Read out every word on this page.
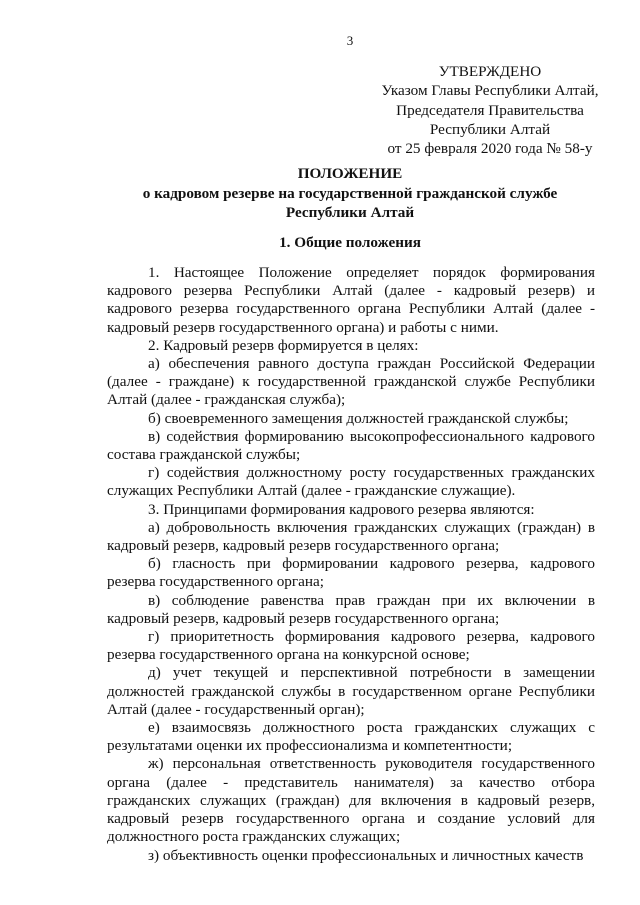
3
УТВЕРЖДЕНО
Указом Главы Республики Алтай,
Председателя Правительства
Республики Алтай
от 25 февраля 2020 года № 58-у
ПОЛОЖЕНИЕ
о кадровом резерве на государственной гражданской службе
Республики Алтай
1. Общие положения

1. Настоящее Положение определяет порядок формирования кадрового резерва Республики Алтай (далее - кадровый резерв) и кадрового резерва государственного органа Республики Алтай (далее - кадровый резерв государственного органа) и работы с ними.

2. Кадровый резерв формируется в целях:

а) обеспечения равного доступа граждан Российской Федерации (далее - граждане) к государственной гражданской службе Республики Алтай (далее - гражданская служба);

б) своевременного замещения должностей гражданской службы;

в) содействия формированию высокопрофессионального кадрового состава гражданской службы;

г) содействия должностному росту государственных гражданских служащих Республики Алтай (далее - гражданские служащие).

3. Принципами формирования кадрового резерва являются:

а) добровольность включения гражданских служащих (граждан) в кадровый резерв, кадровый резерв государственного органа;

б) гласность при формировании кадрового резерва, кадрового резерва государственного органа;

в) соблюдение равенства прав граждан при их включении в кадровый резерв, кадровый резерв государственного органа;

г) приоритетность формирования кадрового резерва, кадрового резерва государственного органа на конкурсной основе;

д) учет текущей и перспективной потребности в замещении должностей гражданской службы в государственном органе Республики Алтай (далее - государственный орган);

е) взаимосвязь должностного роста гражданских служащих с результатами оценки их профессионализма и компетентности;

ж) персональная ответственность руководителя государственного органа (далее - представитель нанимателя) за качество отбора гражданских служащих (граждан) для включения в кадровый резерв, кадровый резерв государственного органа и создание условий для должностного роста гражданских служащих;

з) объективность оценки профессиональных и личностных качеств
